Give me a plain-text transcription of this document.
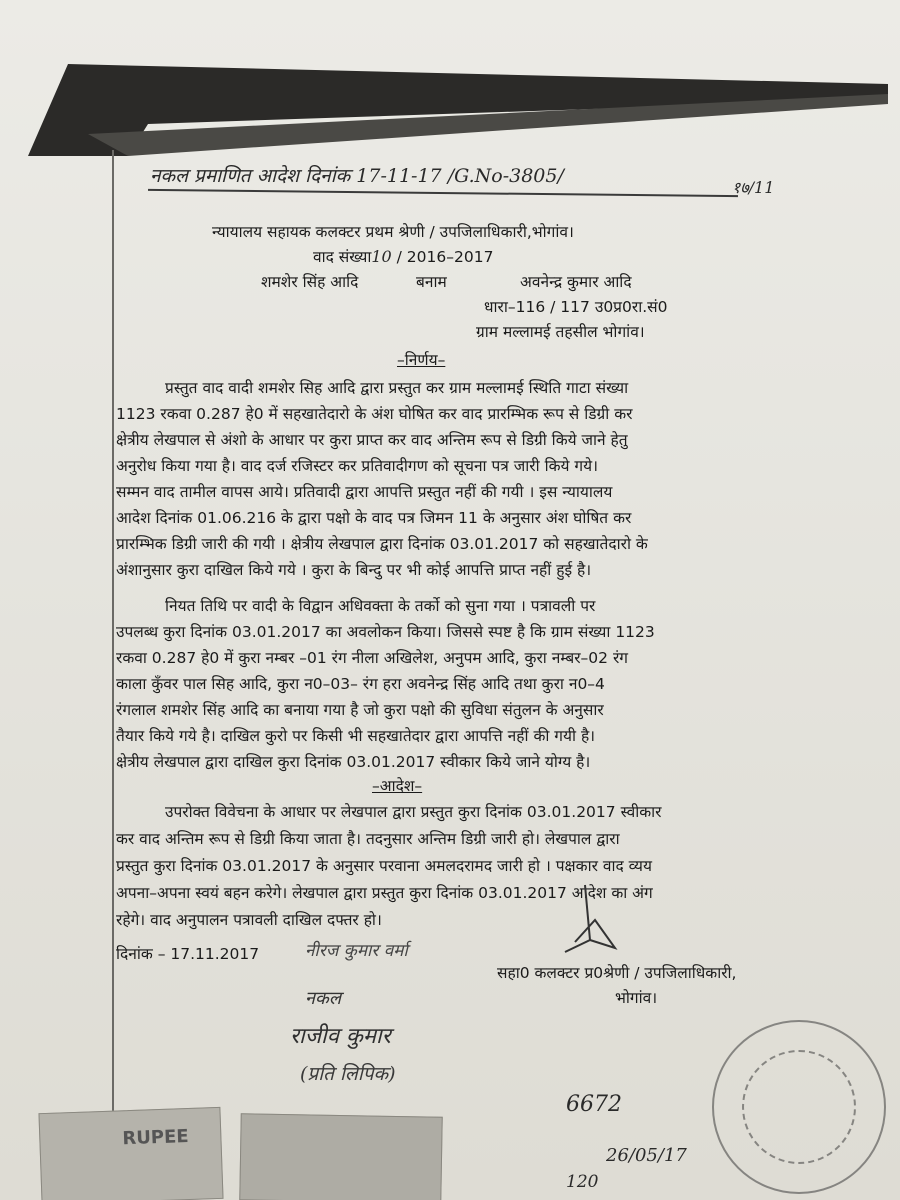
नकल प्रमाणित आदेश दिनांक 17-11-17 /G.No-3805/
१७/11
न्यायालय सहायक कलक्टर प्रथम श्रेणी / उपजिलाधिकारी,भोगांव।
वाद संख्या10 / 2016–2017
शमशेर सिंह आदि	बनाम	अवनेन्द्र कुमार आदि
धारा–116 / 117 उ0प्र0रा.सं0
ग्राम मल्लामई तहसील भोगांव।
–निर्णय–
प्रस्तुत वाद वादी शमशेर सिह आदि द्वारा प्रस्तुत कर ग्राम मल्लामई स्थिति गाटा संख्या
1123 रकवा 0.287 हे0 में सहखातेदारो के अंश घोषित कर वाद प्रारम्भिक रूप से डिग्री कर
क्षेत्रीय लेखपाल से अंशो के आधार पर कुरा प्राप्त कर वाद अन्तिम रूप से डिग्री किये जाने हेतु
अनुरोध किया गया है। वाद दर्ज रजिस्टर कर प्रतिवादीगण को सूचना पत्र जारी किये गये।
सम्मन वाद तामील वापस आये। प्रतिवादी द्वारा आपत्ति प्रस्तुत नहीं की गयी । इस न्यायालय
आदेश दिनांक 01.06.216 के द्वारा पक्षो के वाद पत्र जिमन 11 के अनुसार अंश घोषित कर
प्रारम्भिक डिग्री जारी की गयी । क्षेत्रीय लेखपाल द्वारा दिनांक 03.01.2017 को सहखातेदारो के
अंशानुसार कुरा दाखिल किये गये । कुरा के बिन्दु पर भी कोई आपत्ति प्राप्त नहीं हुई है।
नियत तिथि पर वादी के विद्वान अधिवक्ता के तर्को को सुना गया । पत्रावली पर
उपलब्ध कुरा दिनांक 03.01.2017 का अवलोकन किया। जिससे स्पष्ट है कि ग्राम संख्या 1123
रकवा 0.287 हे0 में कुरा नम्बर –01 रंग नीला अखिलेश, अनुपम आदि, कुरा नम्बर–02 रंग
काला कुँवर पाल सिह आदि, कुरा न0–03– रंग हरा अवनेन्द्र सिंह आदि तथा कुरा न0–4
रंगलाल शमशेर सिंह आदि का बनाया गया है जो कुरा पक्षो की सुविधा संतुलन के अनुसार
तैयार किये गये है। दाखिल कुरो पर किसी भी सहखातेदार द्वारा आपत्ति नहीं की गयी है।
क्षेत्रीय लेखपाल द्वारा दाखिल कुरा दिनांक 03.01.2017 स्वीकार किये जाने योग्य है।
–आदेश–
उपरोक्त विवेचना के आधार पर लेखपाल द्वारा प्रस्तुत कुरा दिनांक 03.01.2017 स्वीकार
कर वाद अन्तिम रूप से डिग्री किया जाता है। तदनुसार अन्तिम डिग्री जारी हो। लेखपाल द्वारा
प्रस्तुत कुरा दिनांक 03.01.2017 के अनुसार परवाना अमलदरामद जारी हो । पक्षकार वाद व्यय
अपना–अपना स्वयं बहन करेगे। लेखपाल द्वारा प्रस्तुत कुरा दिनांक 03.01.2017 आदेश का अंग
रहेगे। वाद अनुपालन पत्रावली दाखिल दफ्तर हो।
दिनांक – 17.11.2017	नीरज कुमार वर्मा
सहा0 कलक्टर प्र0श्रेणी / उपजिलाधिकारी,
भोगांव।
नकल
राजीव कुमार
(प्रति लिपिक)
RUPEE
6672
26/05/17
120
